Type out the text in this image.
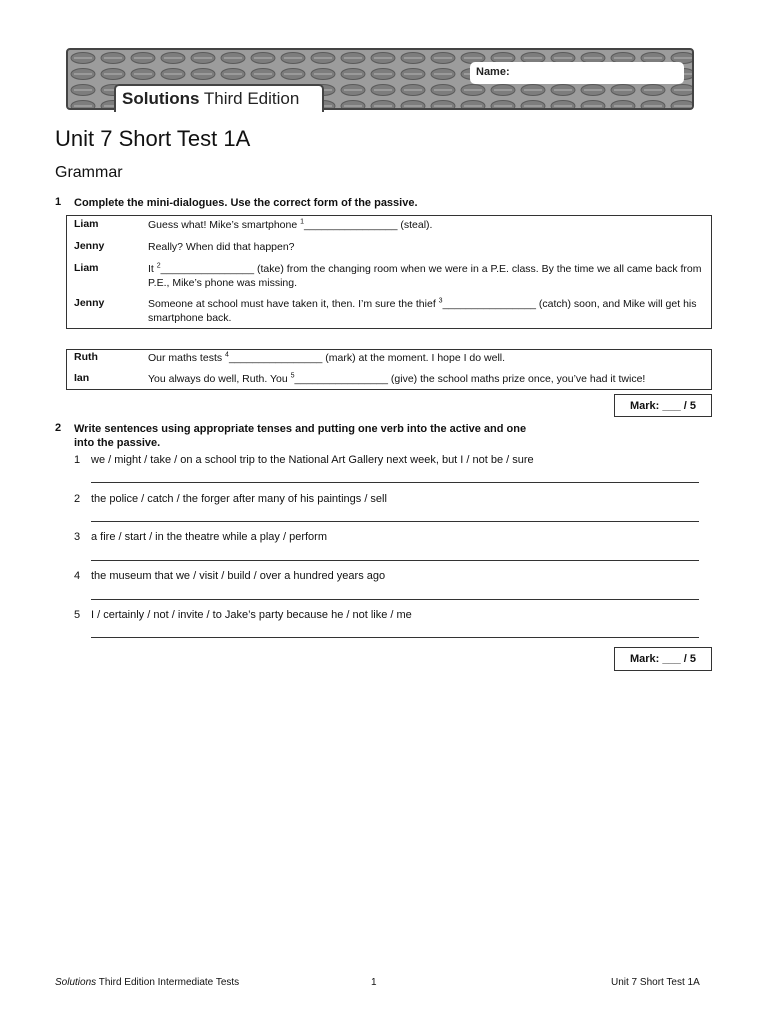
Name:
Solutions Third Edition
Unit 7 Short Test 1A
Grammar
1 Complete the mini-dialogues. Use the correct form of the passive.
Liam	Guess what! Mike’s smartphone $^1$________________ (steal).
Jenny	Really? When did that happen?
Liam	It $^2$________________ (take) from the changing room when we were in a P.E. class. By the time we all came back from P.E., Mike’s phone was missing.
Jenny	Someone at school must have taken it, then. I’m sure the thief $^3$________________ (catch) soon, and Mike will get his smartphone back.
Ruth	Our maths tests $^4$________________ (mark) at the moment. I hope I do well.
Ian	You always do well, Ruth. You $^5$________________ (give) the school maths prize once, you’ve had it twice!
Mark: ___ / 5
2 Write sentences using appropriate tenses and putting one verb into the active and one
into the passive.
1 we / might / take / on a school trip to the National Art Gallery next week, but I / not be / sure
2 the police / catch / the forger after many of his paintings / sell
3 a fire / start / in the theatre while a play / perform
4 the museum that we / visit / build / over a hundred years ago
5 I / certainly / not / invite / to Jake’s party because he / not like / me
Mark: ___ / 5
Solutions Third Edition Intermediate Tests	1	Unit 7 Short Test 1A
